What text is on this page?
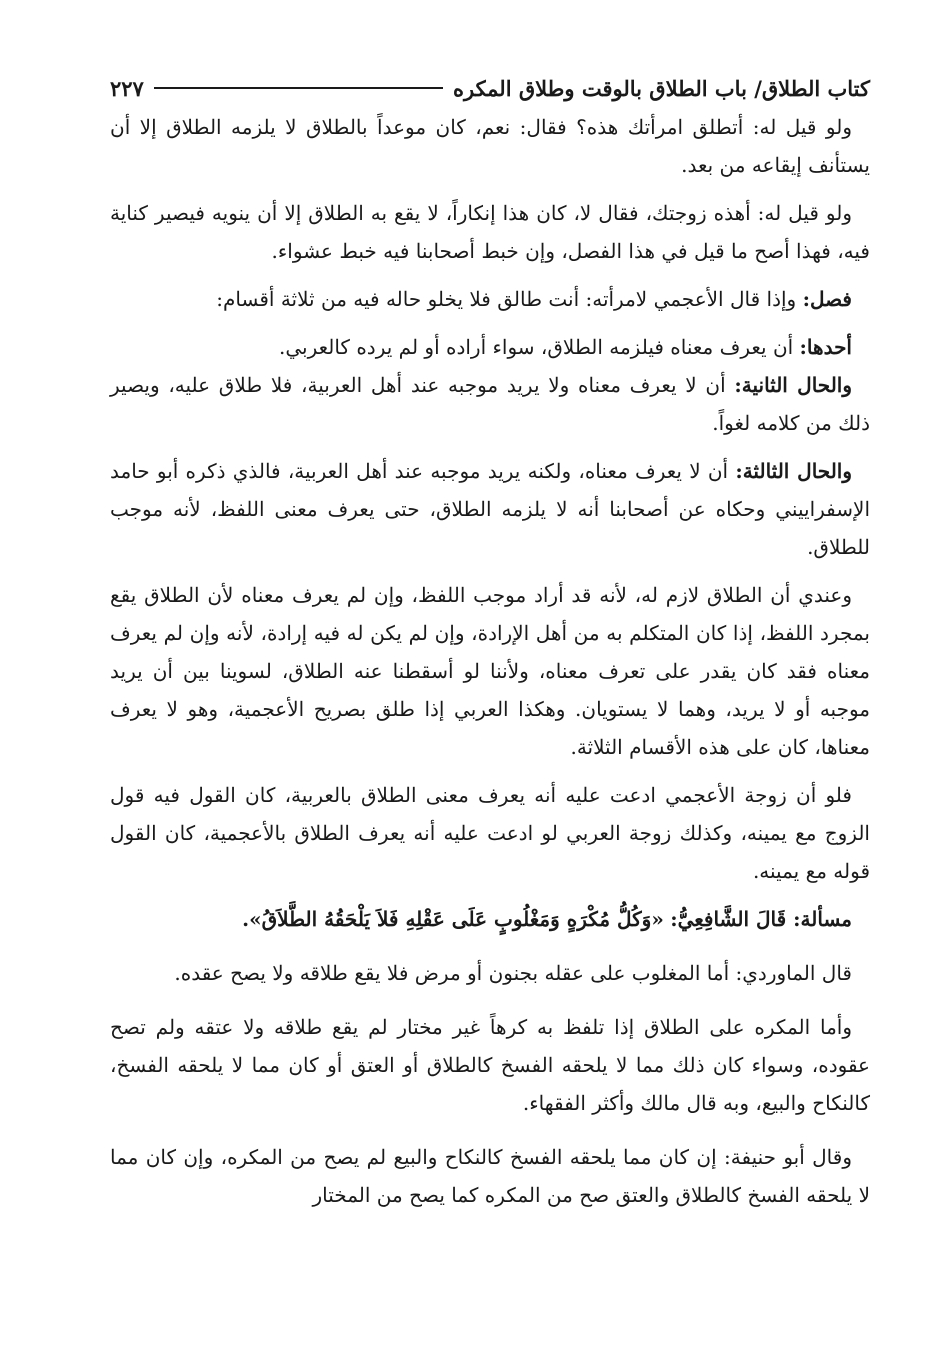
كتاب الطلاق/ باب الطلاق بالوقت وطلاق المكره
٢٢٧

ولو قيل له: أتطلق امرأتك هذه؟ فقال: نعم، كان موعداً بالطلاق لا يلزمه الطلاق إلا أن يستأنف إيقاعه من بعد.

ولو قيل له: أهذه زوجتك، فقال لا، كان هذا إنكاراً، لا يقع به الطلاق إلا أن ينويه فيصير كناية فيه، فهذا أصح ما قيل في هذا الفصل، وإن خبط أصحابنا فيه خبط عشواء.

فصل: وإذا قال الأعجمي لامرأته: أنت طالق فلا يخلو حاله فيه من ثلاثة أقسام:

أحدها: أن يعرف معناه فيلزمه الطلاق، سواء أراده أو لم يرده كالعربي.

والحال الثانية: أن لا يعرف معناه ولا يريد موجبه عند أهل العربية، فلا طلاق عليه، ويصير ذلك من كلامه لغواً.

والحال الثالثة: أن لا يعرف معناه، ولكنه يريد موجبه عند أهل العربية، فالذي ذكره أبو حامد الإسفراييني وحكاه عن أصحابنا أنه لا يلزمه الطلاق، حتى يعرف معنى اللفظ، لأنه موجب للطلاق.

وعندي أن الطلاق لازم له، لأنه قد أراد موجب اللفظ، وإن لم يعرف معناه لأن الطلاق يقع بمجرد اللفظ، إذا كان المتكلم به من أهل الإرادة، وإن لم يكن له فيه إرادة، لأنه وإن لم يعرف معناه فقد كان يقدر على تعرف معناه، ولأننا لو أسقطنا عنه الطلاق، لسوينا بين أن يريد موجبه أو لا يريد، وهما لا يستويان. وهكذا العربي إذا طلق بصريح الأعجمية، وهو لا يعرف معناها، كان على هذه الأقسام الثلاثة.

فلو أن زوجة الأعجمي ادعت عليه أنه يعرف معنى الطلاق بالعربية، كان القول فيه قول الزوج مع يمينه، وكذلك زوجة العربي لو ادعت عليه أنه يعرف الطلاق بالأعجمية، كان القول قوله مع يمينه.

مسألة: قَالَ الشَّافِعِيُّ: «وَكُلُّ مُكْرَهٍ وَمَغْلُوبٍ عَلَى عَقْلِهِ فَلاَ يَلْحَقُهُ الطَّلاَقُ».

قال الماوردي: أما المغلوب على عقله بجنون أو مرض فلا يقع طلاقه ولا يصح عقده.

وأما المكره على الطلاق إذا تلفظ به كرهاً غير مختار لم يقع طلاقه ولا عتقه ولم تصح عقوده، وسواء كان ذلك مما لا يلحقه الفسخ كالطلاق أو العتق أو كان مما لا يلحقه الفسخ، كالنكاح والبيع، وبه قال مالك وأكثر الفقهاء.

وقال أبو حنيفة: إن كان مما يلحقه الفسخ كالنكاح والبيع لم يصح من المكره، وإن كان مما لا يلحقه الفسخ كالطلاق والعتق صح من المكره كما يصح من المختار
